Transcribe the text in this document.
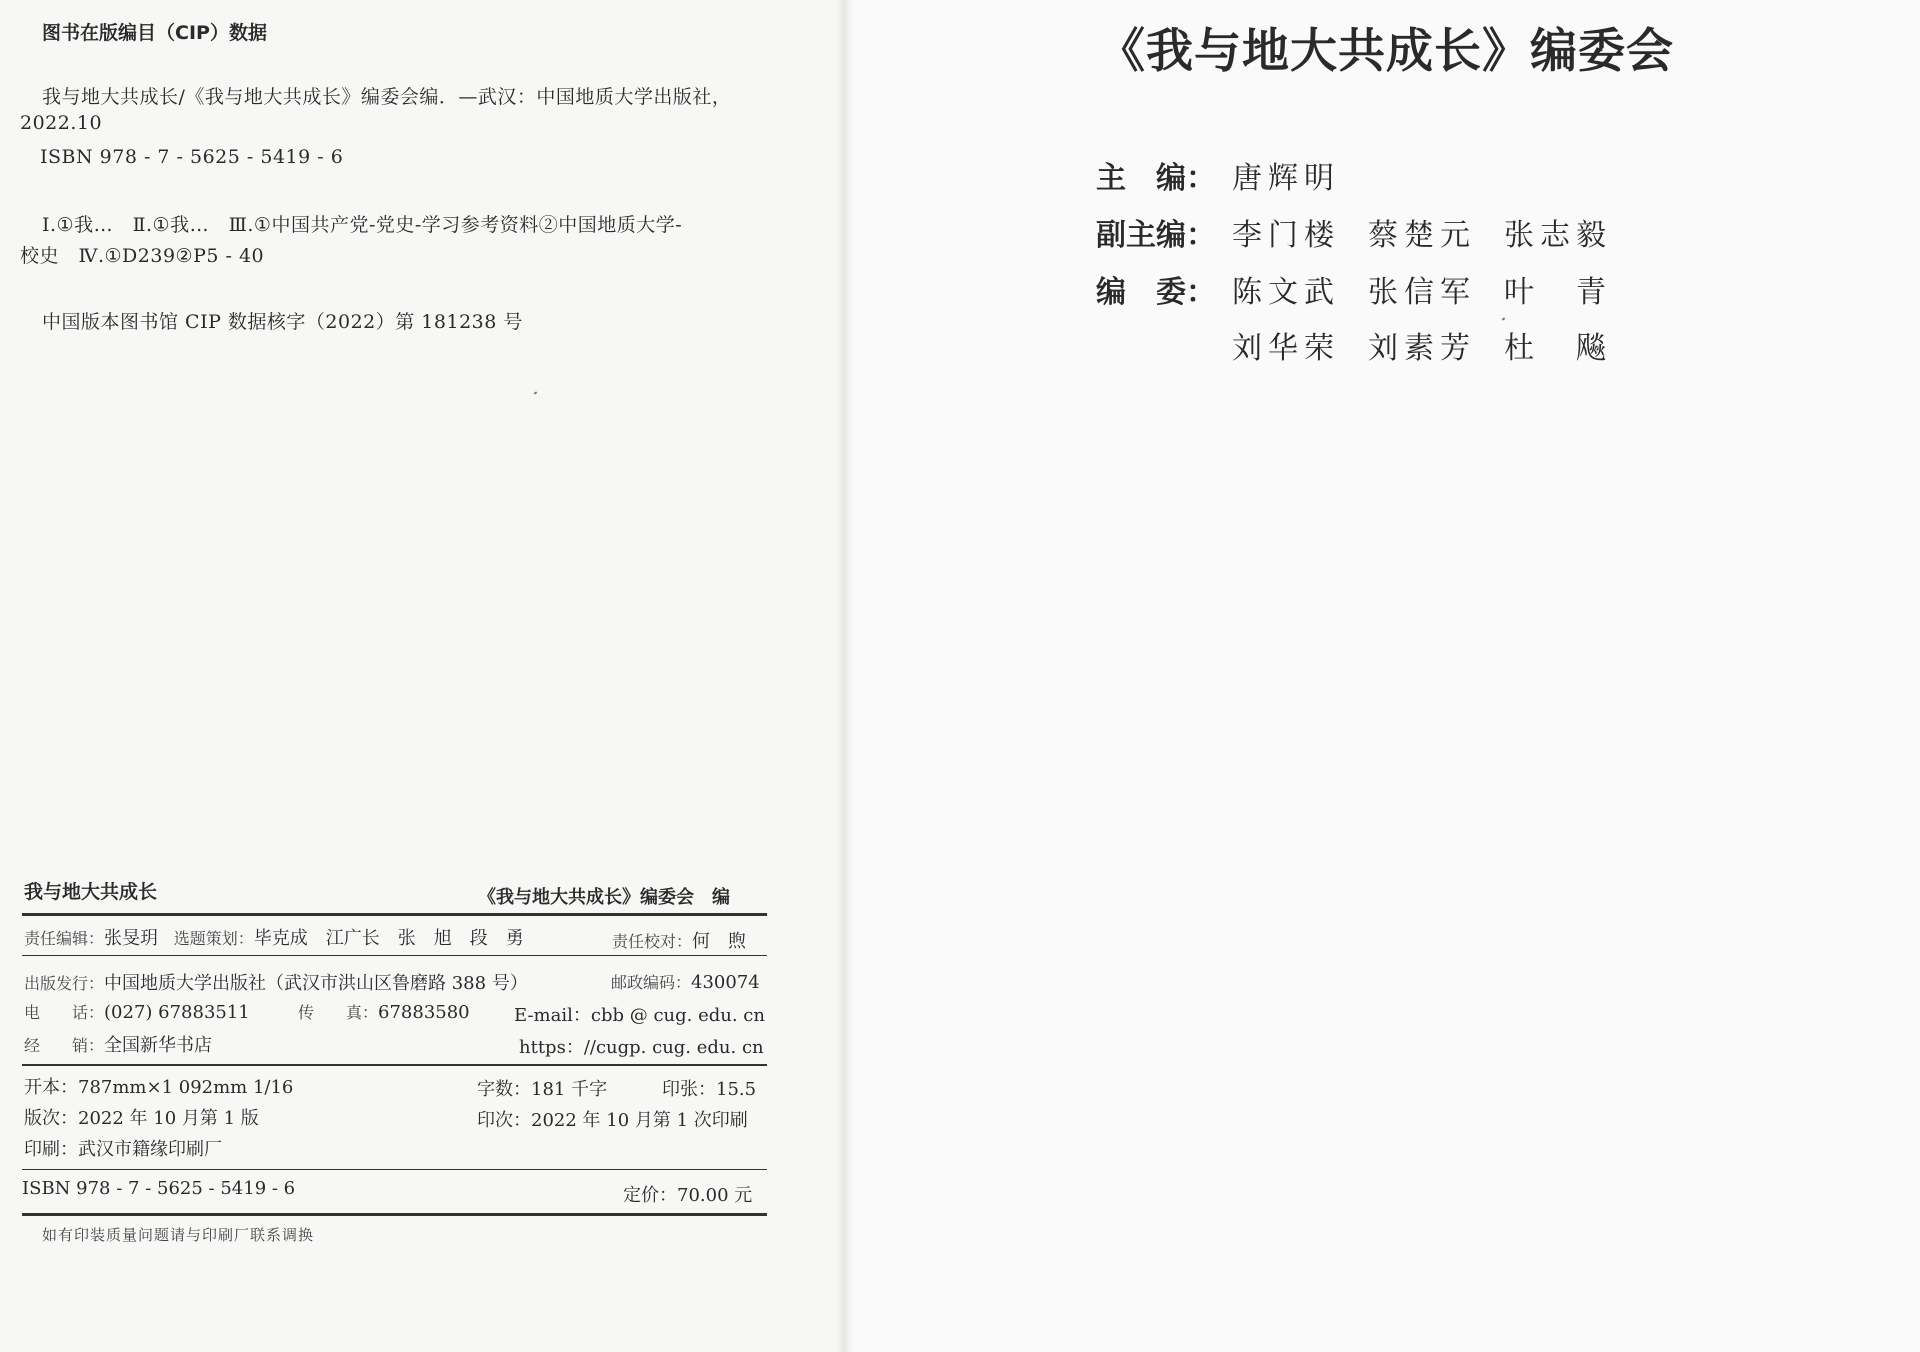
图书在版编目（CIP）数据
我与地大共成长/《我与地大共成长》编委会编．—武汉：中国地质大学出版社，
2022.10
ISBN 978 - 7 - 5625 - 5419 - 6
Ⅰ.①我…　Ⅱ.①我…　Ⅲ.①中国共产党-党史-学习参考资料②中国地质大学-
校史　Ⅳ.①D239②P5 - 40
中国版本图书馆 CIP 数据核字（2022）第 181238 号
我与地大共成长	《我与地大共成长》编委会　编
责任编辑：张旻玥 选题策划：毕克成　江广长　张　旭　段　勇	责任校对：何　煦
出版发行：中国地质大学出版社（武汉市洪山区鲁磨路 388 号）	邮政编码：430074
电　　话：(027) 67883511	传　　真：67883580 E-mail：cbb @ cug. edu. cn
经　　销：全国新华书店	https：//cugp. cug. edu. cn
开本：787mm×1 092mm 1/16	字数：181 千字	印张：15.5
版次：2022 年 10 月第 1 版	印次：2022 年 10 月第 1 次印刷
印刷：武汉市籍缘印刷厂
ISBN 978 - 7 - 5625 - 5419 - 6	定价：70.00 元
如有印装质量问题请与印刷厂联系调换
《我与地大共成长》编委会
主　编： 唐辉明
副主编： 李门楼 蔡楚元 张志毅
编　委： 陈文武 张信军 叶　青
刘华荣 刘素芳 杜　飚
